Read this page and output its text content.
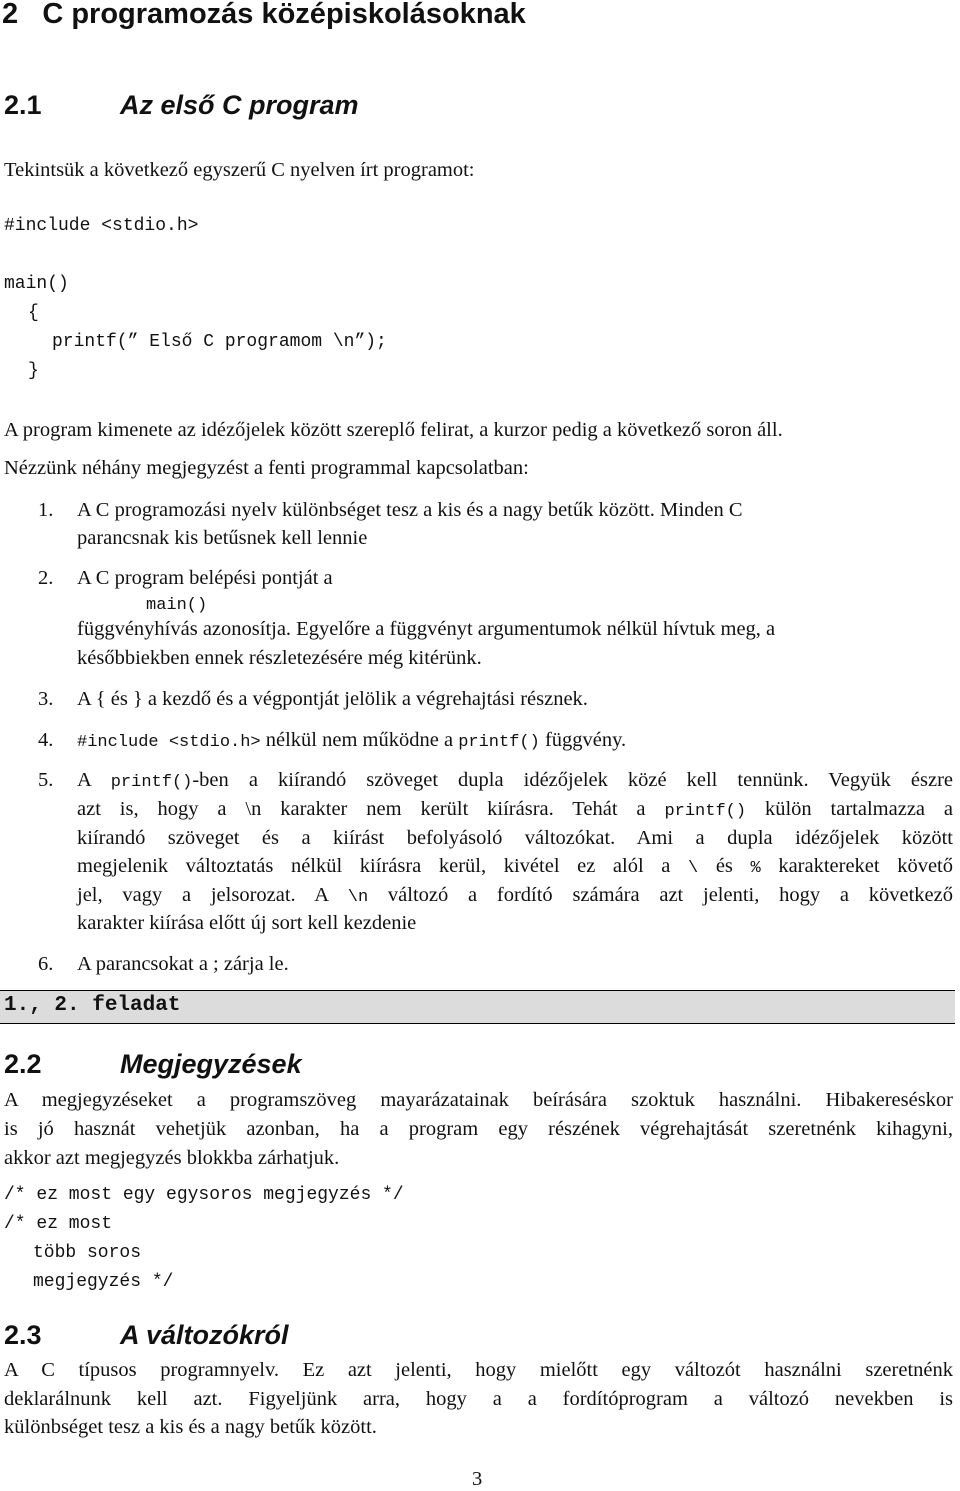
2 C programozás középiskolásoknak
2.1	Az első C program
Tekintsük a következő egyszerű C nyelven írt programot:
#include <stdio.h>
main()
{
printf(” Első C programom \n”);
}
A program kimenete az idézőjelek között szereplő felirat, a kurzor pedig a következő soron áll.
Nézzünk néhány megjegyzést a fenti programmal kapcsolatban:
1. A C programozási nyelv különbséget tesz a kis és a nagy betűk között. Minden C
parancsnak kis betűsnek kell lennie
2. A C program belépési pontját a
main()
függvényhívás azonosítja. Egyelőre a függvényt argumentumok nélkül hívtuk meg, a
későbbiekben ennek részletezésére még kitérünk.
3. A { és } a kezdő és a végpontját jelölik a végrehajtási résznek.
4. #include <stdio.h> nélkül nem működne a printf() függvény.
5. A printf()-ben a kiírandó szöveget dupla idézőjelek közé kell tennünk. Vegyük észre
azt is, hogy a \n karakter nem került kiírásra. Tehát a printf() külön tartalmazza a
kiírandó szöveget és a kiírást befolyásoló változókat. Ami a dupla idézőjelek között
megjelenik változtatás nélkül kiírásra kerül, kivétel ez alól a \ és % karaktereket követő
jel, vagy a jelsorozat. A \n változó a fordító számára azt jelenti, hogy a következő
karakter kiírása előtt új sort kell kezdenie
6. A parancsokat a ; zárja le.
1., 2. feladat
2.2	Megjegyzések
A megjegyzéseket a programszöveg mayarázatainak beírására szoktuk használni. Hibakereséskor
is jó hasznát vehetjük azonban, ha a program egy részének végrehajtását szeretnénk kihagyni,
akkor azt megjegyzés blokkba zárhatjuk.
/* ez most egy egysoros megjegyzés */
/* ez most
több soros
megjegyzés */
2.3	A változókról
A C típusos programnyelv. Ez azt jelenti, hogy mielőtt egy változót használni szeretnénk
deklarálnunk kell azt. Figyeljünk arra, hogy a a fordítóprogram a változó nevekben is
különbséget tesz a kis és a nagy betűk között.
3
